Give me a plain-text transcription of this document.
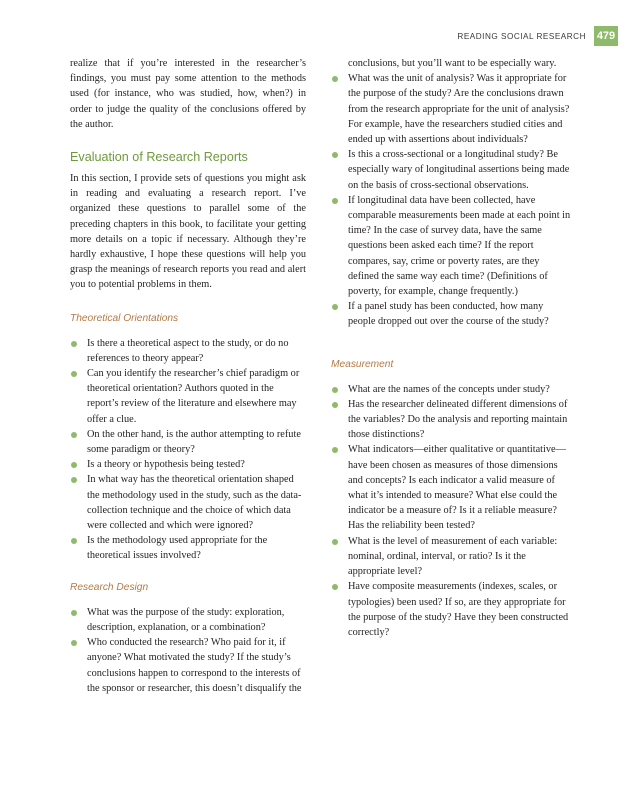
READING SOCIAL RESEARCH 479

realize that if you’re interested in the researcher’s findings, you must pay some attention to the methods used (for instance, who was studied, how, when?) in order to judge the quality of the conclusions offered by the author.

Evaluation of Research Reports

In this section, I provide sets of questions you might ask in reading and evaluating a research report. I’ve organized these questions to parallel some of the preceding chapters in this book, to facilitate your getting more details on a topic if necessary. Although they’re hardly exhaustive, I hope these questions will help you grasp the meanings of research reports you read and alert you to potential problems in them.

Theoretical Orientations
Is there a theoretical aspect to the study, or do no references to theory appear?
Can you identify the researcher’s chief paradigm or theoretical orientation? Authors quoted in the report’s review of the literature and elsewhere may offer a clue.
On the other hand, is the author attempting to refute some paradigm or theory?
Is a theory or hypothesis being tested?
In what way has the theoretical orientation shaped the methodology used in the study, such as the data-collection technique and the choice of which data were collected and which were ignored?
Is the methodology used appropriate for the theoretical issues involved?
Research Design
What was the purpose of the study: exploration, description, explanation, or a combination?
Who conducted the research? Who paid for it, if anyone? What motivated the study? If the study’s conclusions happen to correspond to the interests of the sponsor or researcher, this doesn’t disqualify the

conclusions, but you’ll want to be especially wary.

What was the unit of analysis? Was it appropriate for the purpose of the study? Are the conclusions drawn from the research appropriate for the unit of analysis? For example, have the researchers studied cities and ended up with assertions about individuals?
Is this a cross-sectional or a longitudinal study? Be especially wary of longitudinal assertions being made on the basis of cross-sectional observations.
If longitudinal data have been collected, have comparable measurements been made at each point in time? In the case of survey data, have the same questions been asked each time? If the report compares, say, crime or poverty rates, are they defined the same way each time? (Definitions of poverty, for example, change frequently.)
If a panel study has been conducted, how many people dropped out over the course of the study?
Measurement
What are the names of the concepts under study?
Has the researcher delineated different dimensions of the variables? Do the analysis and reporting maintain those distinctions?
What indicators—either qualitative or quantitative—have been chosen as measures of those dimensions and concepts? Is each indicator a valid measure of what it’s intended to measure? What else could the indicator be a measure of? Is it a reliable measure? Has the reliability been tested?
What is the level of measurement of each variable: nominal, ordinal, interval, or ratio? Is it the appropriate level?
Have composite measurements (indexes, scales, or typologies) been used? If so, are they appropriate for the purpose of the study? Have they been constructed correctly?
